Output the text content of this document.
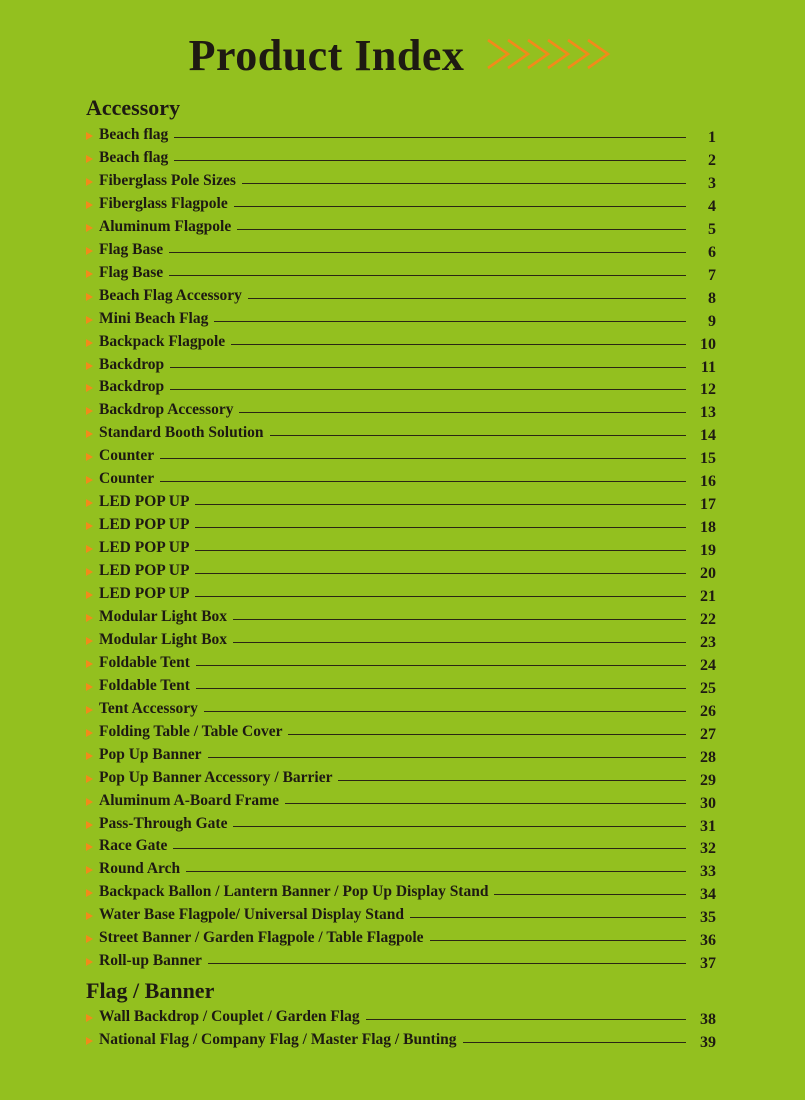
Product Index
Accessory
Beach flag	1
Beach flag	2
Fiberglass Pole Sizes	3
Fiberglass Flagpole	4
Aluminum Flagpole	5
Flag Base	6
Flag Base	7
Beach Flag Accessory	8
Mini Beach Flag	9
Backpack Flagpole	10
Backdrop	11
Backdrop	12
Backdrop Accessory	13
Standard Booth Solution	14
Counter	15
Counter	16
LED POP UP	17
LED POP UP	18
LED POP UP	19
LED POP UP	20
LED POP UP	21
Modular Light Box	22
Modular Light Box	23
Foldable Tent	24
Foldable Tent	25
Tent Accessory	26
Folding Table / Table Cover	27
Pop Up Banner	28
Pop Up Banner Accessory / Barrier	29
Aluminum A-Board Frame	30
Pass-Through Gate	31
Race Gate	32
Round Arch	33
Backpack Ballon / Lantern Banner / Pop Up Display Stand	34
Water Base Flagpole/ Universal Display Stand	35
Street Banner / Garden Flagpole / Table Flagpole	36
Roll-up Banner	37
Flag / Banner
Wall Backdrop / Couplet / Garden Flag	38
National Flag / Company Flag / Master Flag / Bunting	39
